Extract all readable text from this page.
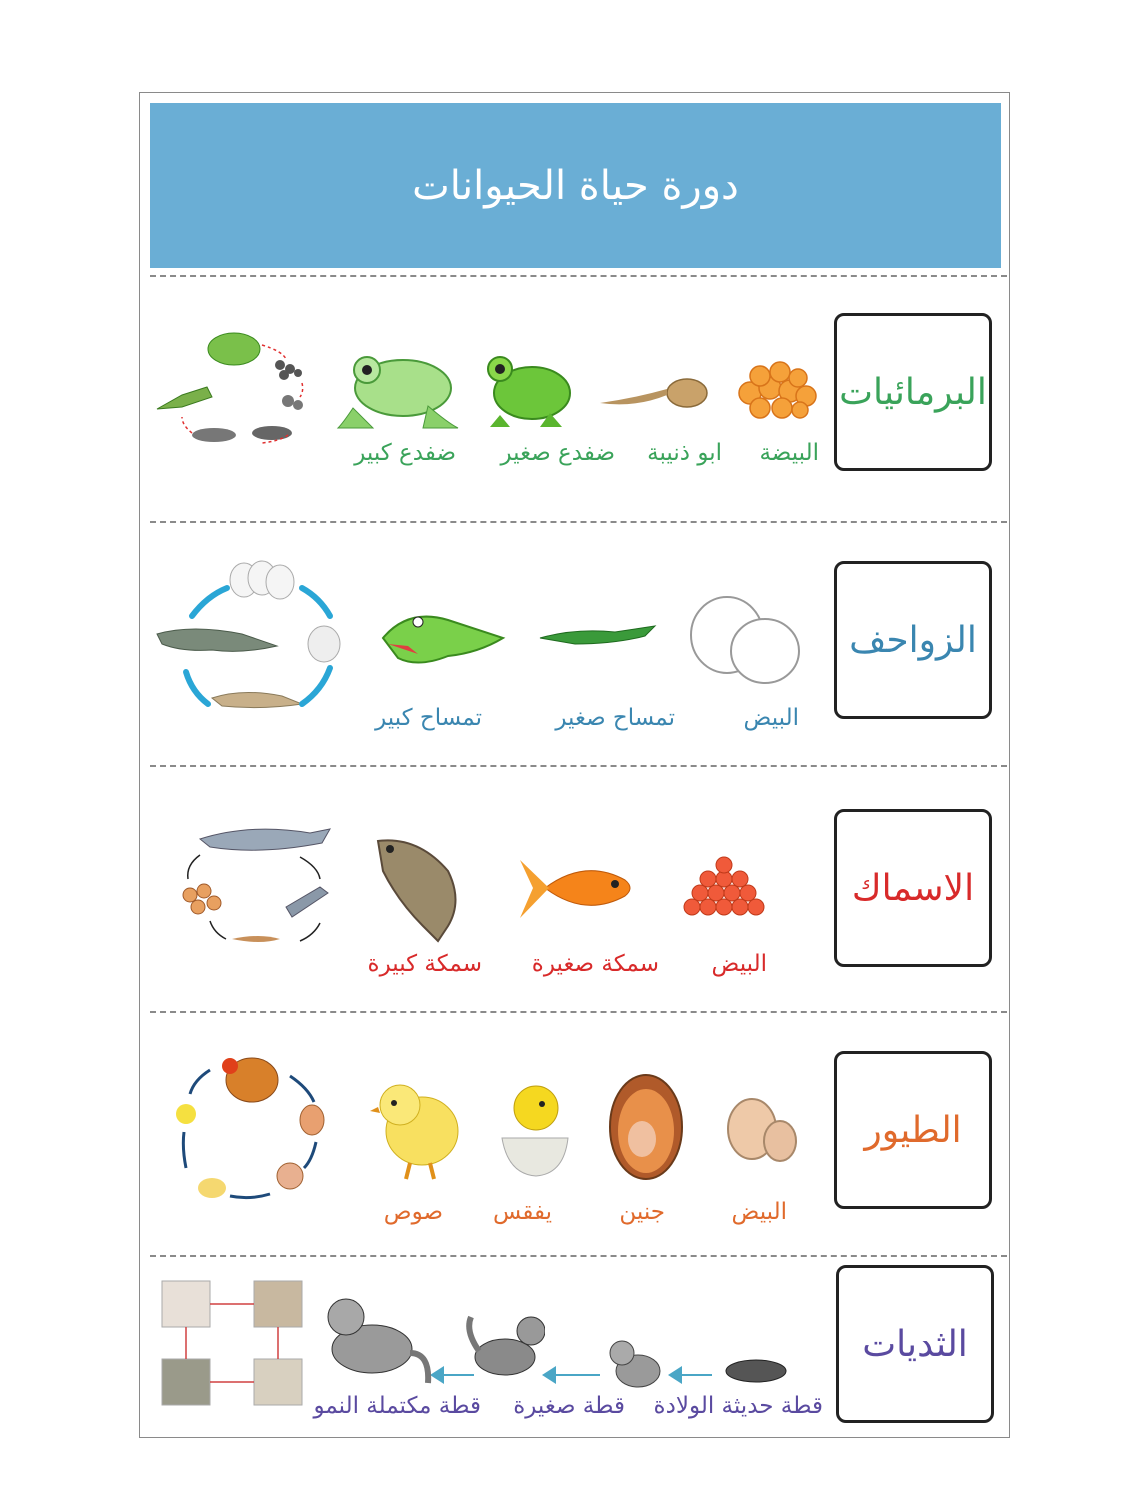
دورة حياة الحيوانات
البرمائيات
البيضة
ابو ذنيبة
ضفدع صغير
ضفدع كبير
الزواحف
البيض
تمساح صغير
تمساح كبير
الاسماك
البيض
سمكة صغيرة
سمكة كبيرة
الطيور
البيض
جنين
يفقس
صوص
الثديات
قطة حديثة الولادة
قطة صغيرة
قطة مكتملة النمو
